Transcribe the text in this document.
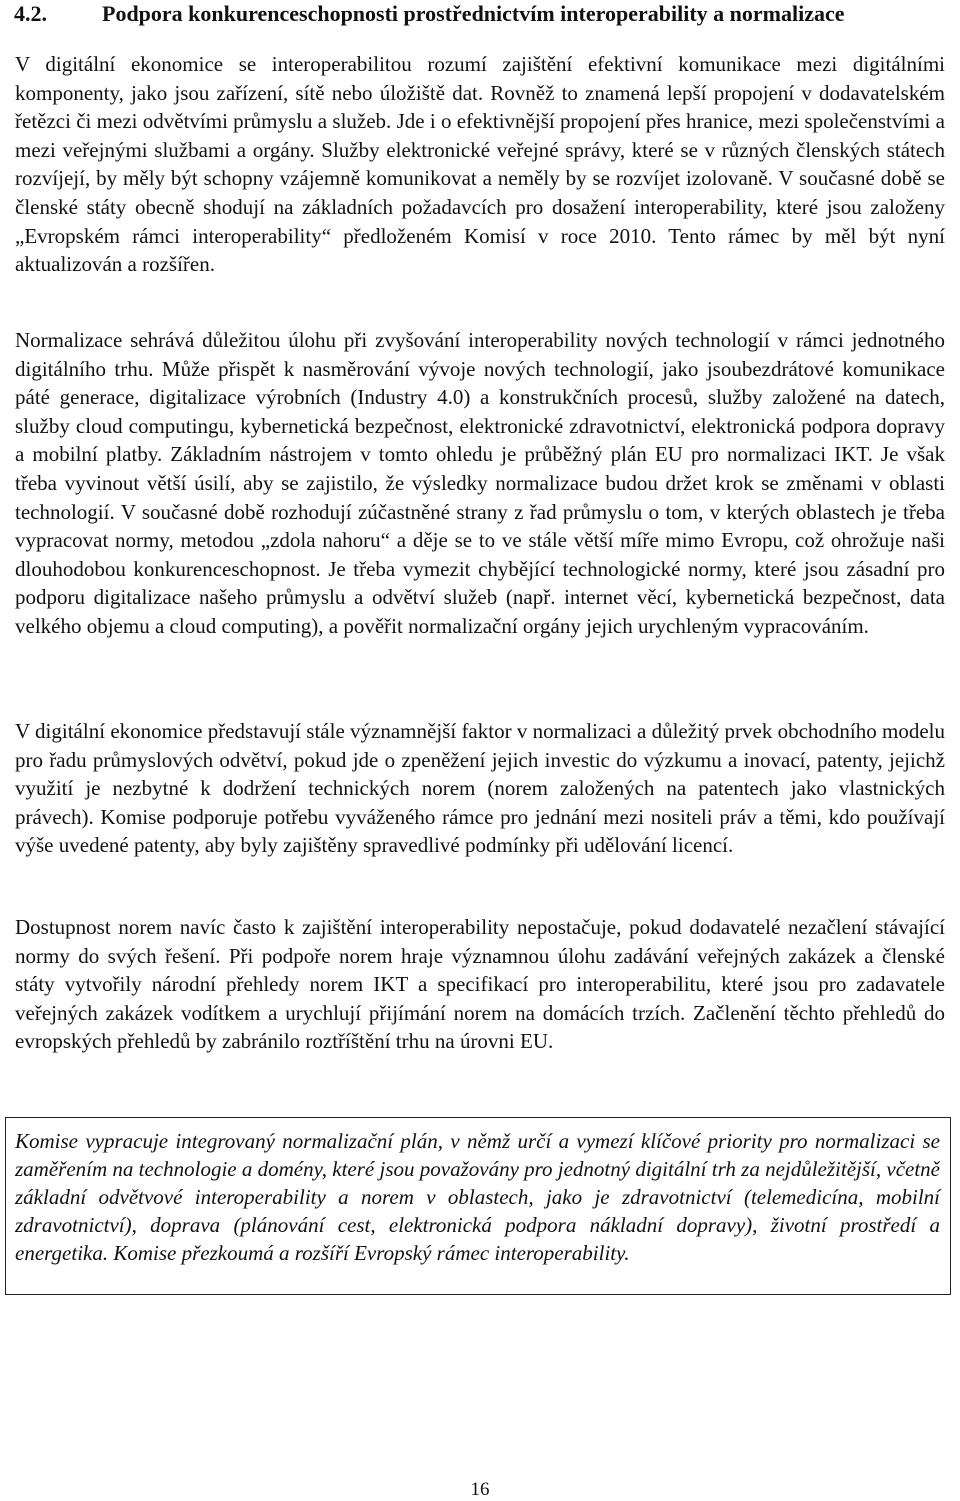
4.2.	Podpora konkurenceschopnosti prostřednictvím interoperability a normalizace

V digitální ekonomice se interoperabilitou rozumí zajištění efektivní komunikace mezi digitálními komponenty, jako jsou zařízení, sítě nebo úložiště dat. Rovněž to znamená lepší propojení v dodavatelském řetězci či mezi odvětvími průmyslu a služeb. Jde i o efektivnější propojení přes hranice, mezi společenstvími a mezi veřejnými službami a orgány. Služby elektronické veřejné správy, které se v různých členských státech rozvíjejí, by měly být schopny vzájemně komunikovat a neměly by se rozvíjet izolovaně. V současné době se členské státy obecně shodují na základních požadavcích pro dosažení interoperability, které jsou založeny „Evropském rámci interoperability“ předloženém Komisí v roce 2010. Tento rámec by měl být nyní aktualizován a rozšířen.

Normalizace sehrává důležitou úlohu při zvyšování interoperability nových technologií v rámci jednotného digitálního trhu. Může přispět k nasměrování vývoje nových technologií, jako jsoubezdrátové komunikace páté generace, digitalizace výrobních (Industry 4.0) a konstrukčních procesů, služby založené na datech, služby cloud computingu, kybernetická bezpečnost, elektronické zdravotnictví, elektronická podpora dopravy a mobilní platby. Základním nástrojem v tomto ohledu je průběžný plán EU pro normalizaci IKT. Je však třeba vyvinout větší úsilí, aby se zajistilo, že výsledky normalizace budou držet krok se změnami v oblasti technologií. V současné době rozhodují zúčastněné strany z řad průmyslu o tom, v kterých oblastech je třeba vypracovat normy, metodou „zdola nahoru“ a děje se to ve stále větší míře mimo Evropu, což ohrožuje naši dlouhodobou konkurenceschopnost. Je třeba vymezit chybějící technologické normy, které jsou zásadní pro podporu digitalizace našeho průmyslu a odvětví služeb (např. internet věcí, kybernetická bezpečnost, data velkého objemu a cloud computing), a pověřit normalizační orgány jejich urychleným vypracováním.

V digitální ekonomice představují stále významnější faktor v normalizaci a důležitý prvek obchodního modelu pro řadu průmyslových odvětví, pokud jde o zpeněžení jejich investic do výzkumu a inovací, patenty, jejichž využití je nezbytné k dodržení technických norem (norem založených na patentech jako vlastnických právech). Komise podporuje potřebu vyváženého rámce pro jednání mezi nositeli práv a těmi, kdo používají výše uvedené patenty, aby byly zajištěny spravedlivé podmínky při udělování licencí.

Dostupnost norem navíc často k zajištění interoperability nepostačuje, pokud dodavatelé nezačlení stávající normy do svých řešení. Při podpoře norem hraje významnou úlohu zadávání veřejných zakázek a členské státy vytvořily národní přehledy norem IKT a specifikací pro interoperabilitu, které jsou pro zadavatele veřejných zakázek vodítkem a urychlují přijímání norem na domácích trzích. Začlenění těchto přehledů do evropských přehledů by zabránilo roztříštění trhu na úrovni EU.

Komise vypracuje integrovaný normalizační plán, v němž určí a vymezí klíčové priority pro normalizaci se zaměřením na technologie a domény, které jsou považovány pro jednotný digitální trh za nejdůležitější, včetně základní odvětvové interoperability a norem v oblastech, jako je zdravotnictví (telemedicína, mobilní zdravotnictví), doprava (plánování cest, elektronická podpora nákladní dopravy), životní prostředí a energetika. Komise přezkoumá a rozšíří Evropský rámec interoperability.

16
